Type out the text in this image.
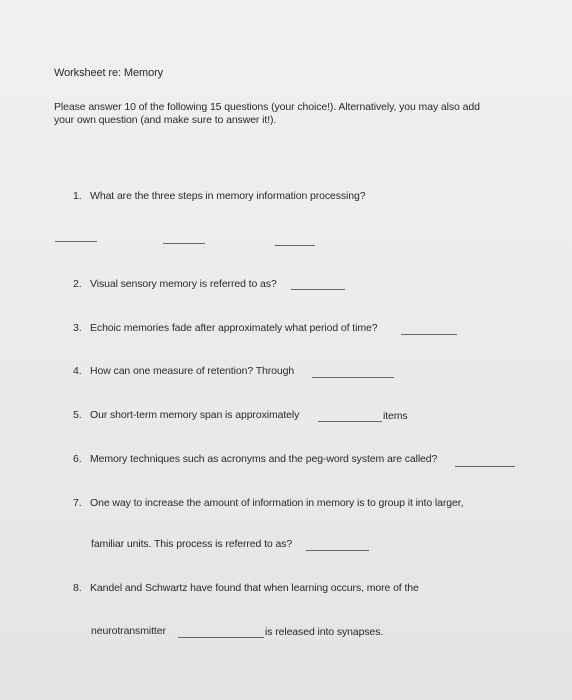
Worksheet re: Memory
Please answer 10 of the following 15 questions (your choice!). Alternatively, you may also add
your own question (and make sure to answer it!).
1. What are the three steps in memory information processing?
2. Visual sensory memory is referred to as?
3. Echoic memories fade after approximately what period of time?
4. How can one measure of retention? Through
5. Our short-term memory span is approximately	items
6. Memory techniques such as acronyms and the peg-word system are called?
7. One way to increase the amount of information in memory is to group it into larger,
familiar units. This process is referred to as?
8. Kandel and Schwartz have found that when learning occurs, more of the
neurotransmitter	is released into synapses.
